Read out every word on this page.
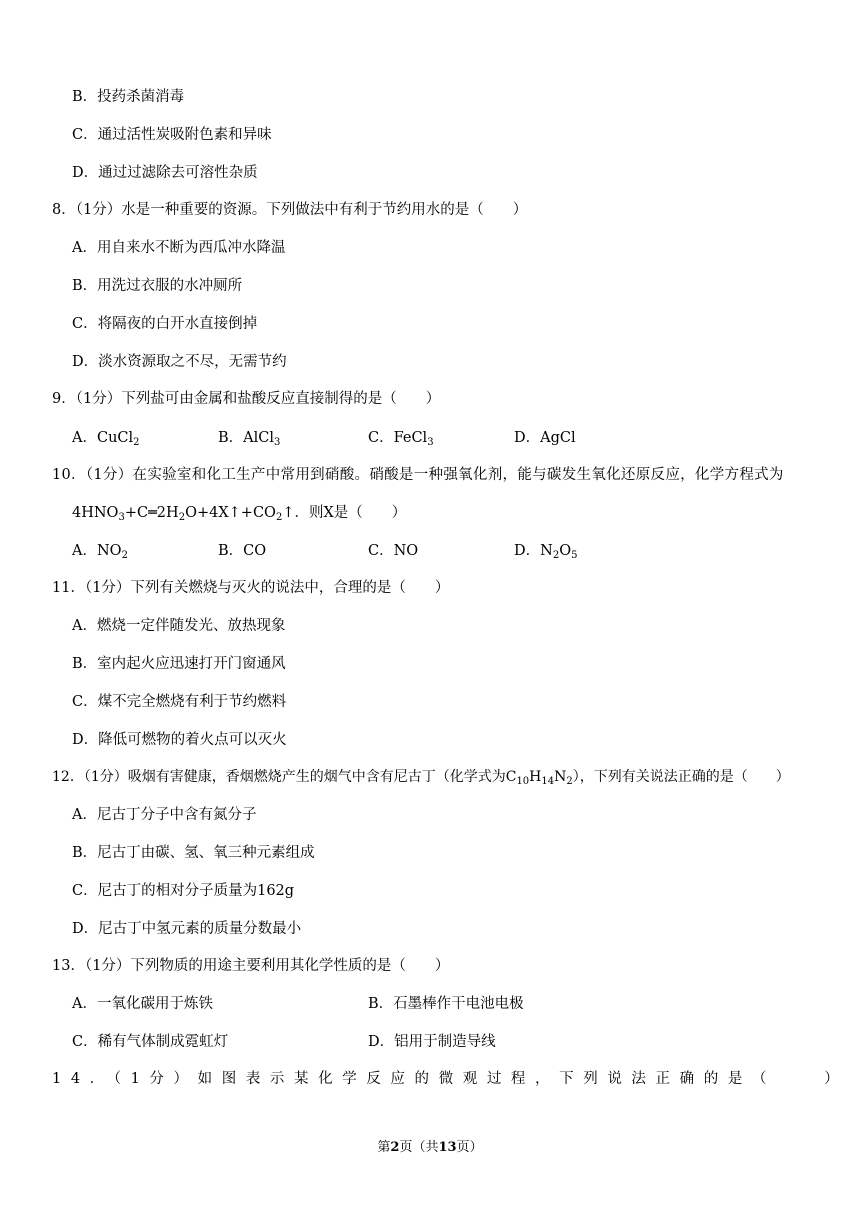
B．投药杀菌消毒
C．通过活性炭吸附色素和异味
D．通过过滤除去可溶性杂质
8．（1分）水是一种重要的资源。下列做法中有利于节约用水的是（　　）
A．用自来水不断为西瓜冲水降温
B．用洗过衣服的水冲厕所
C．将隔夜的白开水直接倒掉
D．淡水资源取之不尽，无需节约
9．（1分）下列盐可由金属和盐酸反应直接制得的是（　　）
A．CuCl$_2$	B．AlCl$_3$	C．FeCl$_3$	D．AgCl
10．（1分）在实验室和化工生产中常用到硝酸。硝酸是一种强氧化剂，能与碳发生氧化还原反应，化学方程式为
$4HNO_3+C═2H_2O+4X↑+CO_2↑$．则X是（　　）
A．$NO_2$	B．CO	C．NO	D．$N_2O_5$
11．（1分）下列有关燃烧与灭火的说法中，合理的是（　　）
A．燃烧一定伴随发光、放热现象
B．室内起火应迅速打开门窗通风
C．煤不完全燃烧有利于节约燃料
D．降低可燃物的着火点可以灭火
12．（1分）吸烟有害健康，香烟燃烧产生的烟气中含有尼古丁（化学式为$C_{10}H_{14}N_2$），下列有关说法正确的是（　　）
A．尼古丁分子中含有氮分子
B．尼古丁由碳、氢、氧三种元素组成
C．尼古丁的相对分子质量为162g
D．尼古丁中氢元素的质量分数最小
13．（1分）下列物质的用途主要利用其化学性质的是（　　）
A．一氧化碳用于炼铁	B．石墨棒作干电池电极
C．稀有气体制成霓虹灯	D．铝用于制造导线
14．（1分）如图表示某化学反应的微观过程，下列说法正确的是（　　）
第2页（共13页）
